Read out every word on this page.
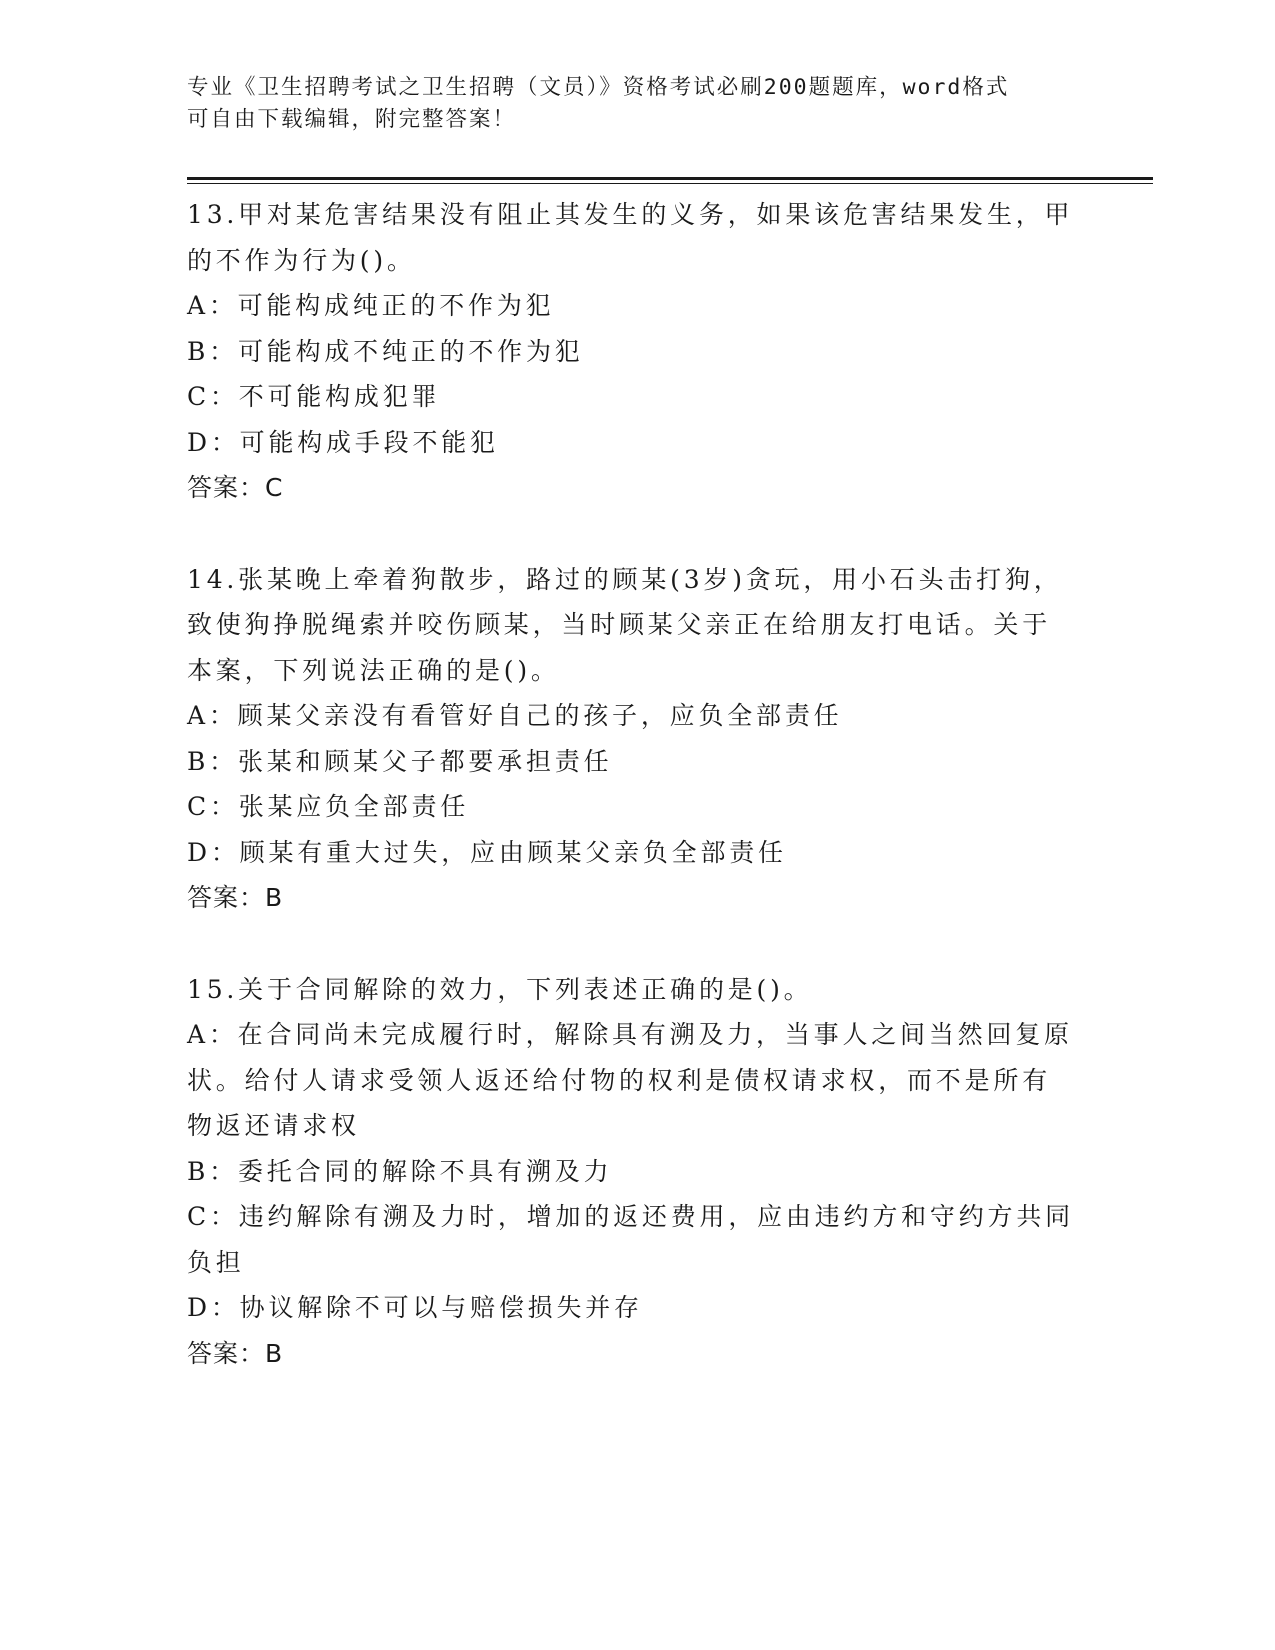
专业《卫生招聘考试之卫生招聘（文员）》资格考试必刷200题题库，word格式
可自由下载编辑，附完整答案！
13.甲对某危害结果没有阻止其发生的义务，如果该危害结果发生，甲
的不作为行为()。
A：可能构成纯正的不作为犯
B：可能构成不纯正的不作为犯
C：不可能构成犯罪
D：可能构成手段不能犯
答案：C
14.张某晚上牵着狗散步，路过的顾某(3岁)贪玩，用小石头击打狗，
致使狗挣脱绳索并咬伤顾某，当时顾某父亲正在给朋友打电话。关于
本案，下列说法正确的是()。
A：顾某父亲没有看管好自己的孩子，应负全部责任
B：张某和顾某父子都要承担责任
C：张某应负全部责任
D：顾某有重大过失，应由顾某父亲负全部责任
答案：B
15.关于合同解除的效力，下列表述正确的是()。
A：在合同尚未完成履行时，解除具有溯及力，当事人之间当然回复原
状。给付人请求受领人返还给付物的权利是债权请求权，而不是所有
物返还请求权
B：委托合同的解除不具有溯及力
C：违约解除有溯及力时，增加的返还费用，应由违约方和守约方共同
负担
D：协议解除不可以与赔偿损失并存
答案：B
